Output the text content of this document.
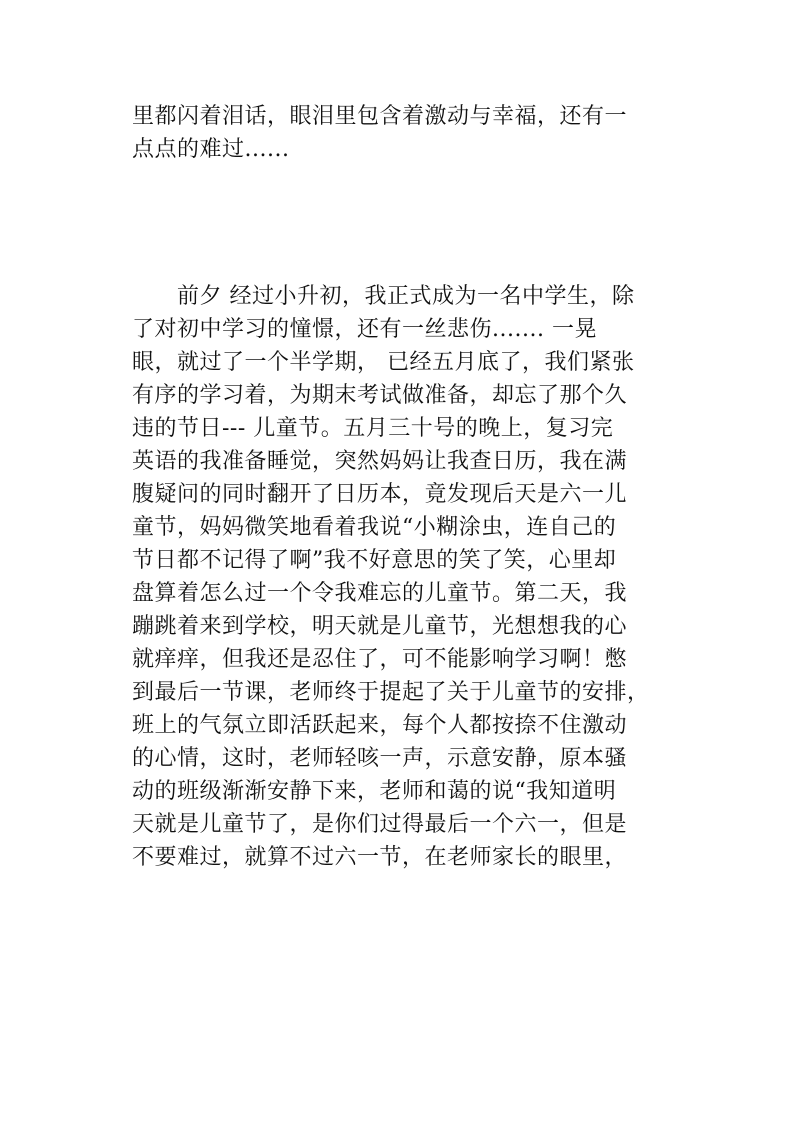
里都闪着泪话，眼泪里包含着激动与幸福，还有一
点点的难过......
　　前夕 经过小升初，我正式成为一名中学生，除
了对初中学习的憧憬，还有一丝悲伤....... 一晃
眼，就过了一个半学期， 已经五月底了，我们紧张
有序的学习着，为期末考试做准备，却忘了那个久
违的节日--- 儿童节。五月三十号的晚上，复习完
英语的我准备睡觉，突然妈妈让我查日历，我在满
腹疑问的同时翻开了日历本，竟发现后天是六一儿
童节，妈妈微笑地看着我说“小糊涂虫，连自己的
节日都不记得了啊”我不好意思的笑了笑，心里却
盘算着怎么过一个令我难忘的儿童节。第二天，我
蹦跳着来到学校，明天就是儿童节，光想想我的心
就痒痒，但我还是忍住了，可不能影响学习啊！憋
到最后一节课，老师终于提起了关于儿童节的安排，
班上的气氛立即活跃起来，每个人都按捺不住激动
的心情，这时，老师轻咳一声，示意安静，原本骚
动的班级渐渐安静下来，老师和蔼的说“我知道明
天就是儿童节了，是你们过得最后一个六一，但是
不要难过，就算不过六一节，在老师家长的眼里，
